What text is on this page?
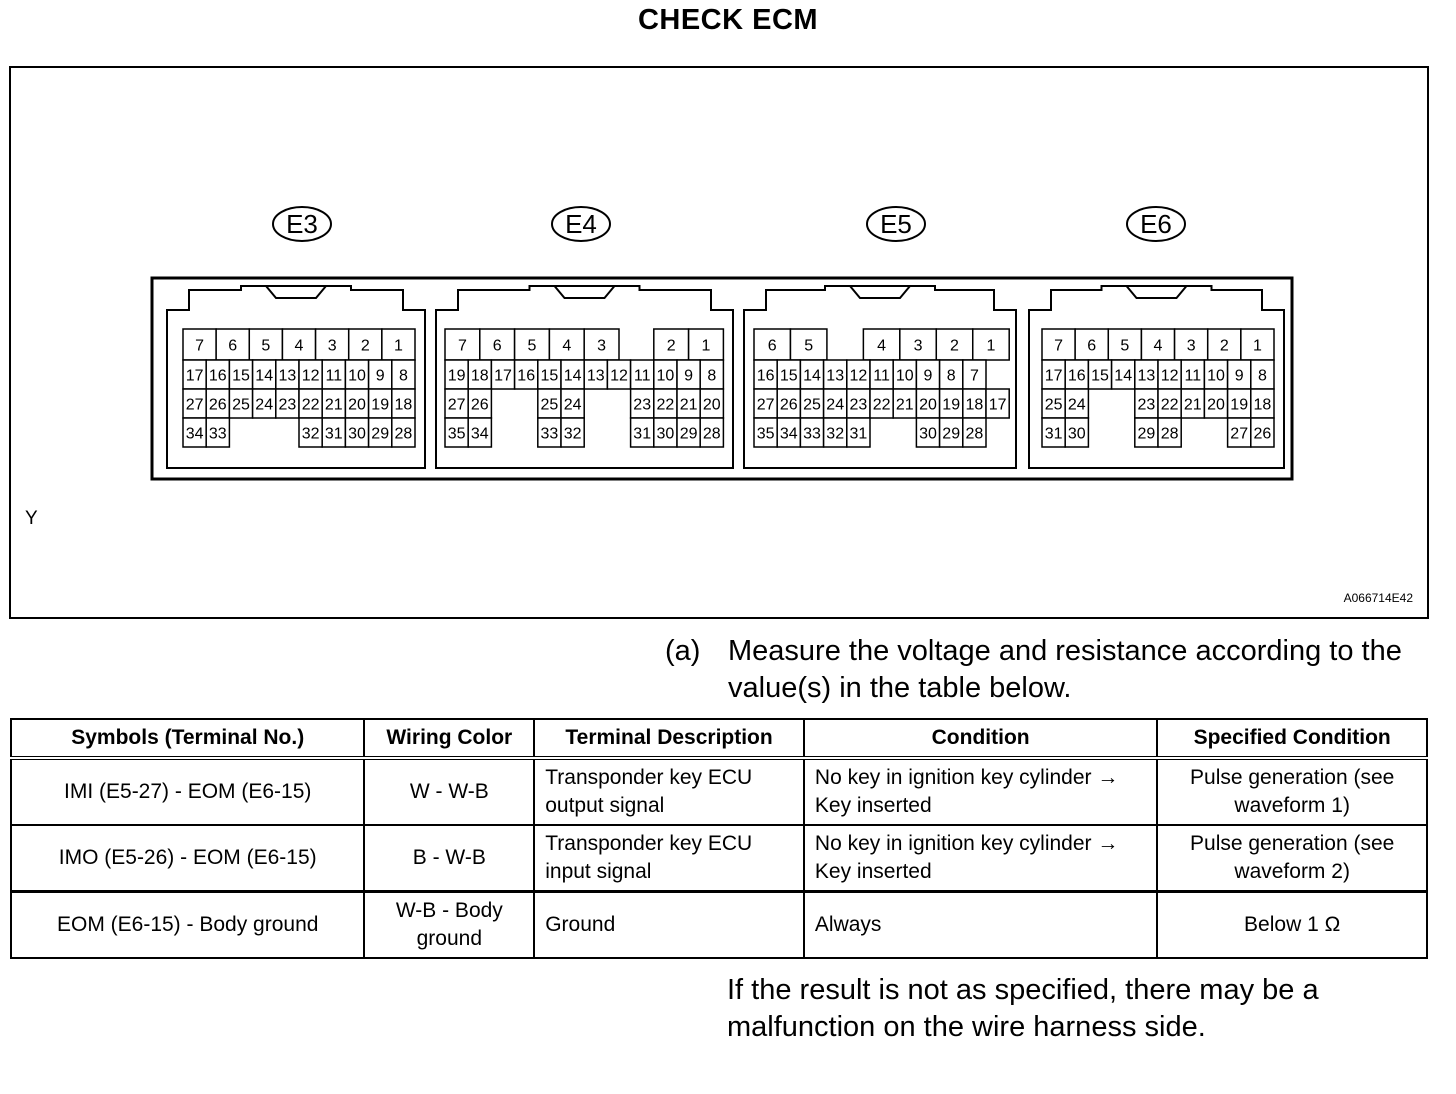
CHECK ECM
E3
7 6 5 4 3 2 1
17 16 15 14 13 12 11 10 9 8
27 26 25 24 23 22 21 20 19 18
34 33	32 31 30 29 28
E4
7 6 5 4 3	2 1
19 18 17 16 15 14 13 12 11 10 9 8
27 26	25 24	23 22 21 20
35 34	33 32	31 30 29 28
E5
6 5	4 3 2 1
16 15 14 13 12 11 10 9 8 7
27 26 25 24 23 22 21 20 19 18 17
35 34 33 32 31	30 29 28
E6
7 6 5 4 3 2 1
17 16 15 14 13 12 11 10 9 8
25 24	23 22 21 20 19 18
31 30	29 28	27 26
Y
A066714E42
(a) Measure the voltage and resistance according to the value(s) in the table below.
Symbols (Terminal No.)	Wiring Color	Terminal Description	Condition	Specified Condition
IMI (E5-27) - EOM (E6-15)	W - W-B	Transponder key ECU output signal	No key in ignition key cylinder → Key inserted	Pulse generation (see waveform 1)
IMO (E5-26) - EOM (E6-15)	B - W-B	Transponder key ECU input signal	No key in ignition key cylinder → Key inserted	Pulse generation (see waveform 2)
EOM (E6-15) - Body ground	W-B - Body ground	Ground	Always	Below 1 Ω
If the result is not as specified, there may be a malfunction on the wire harness side.
